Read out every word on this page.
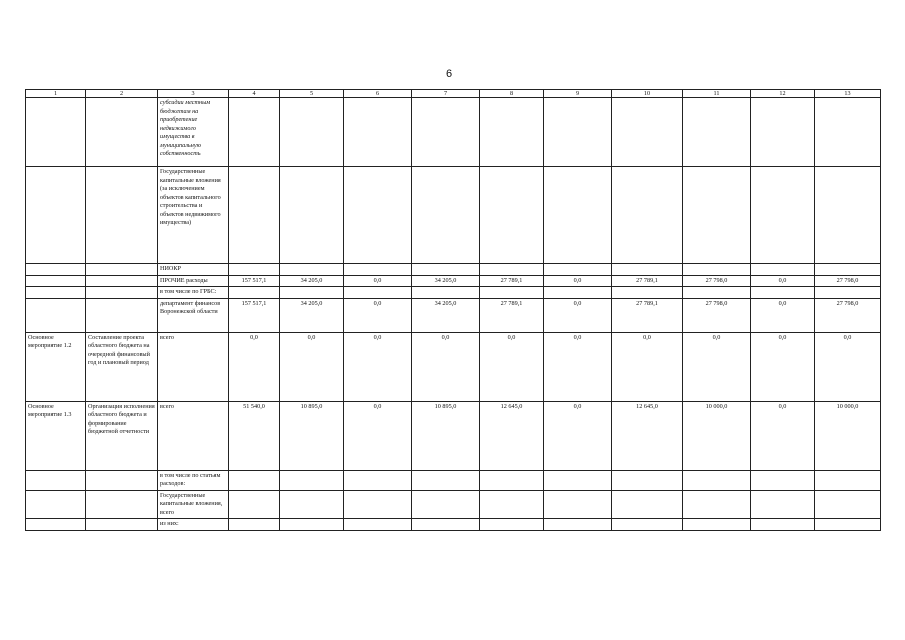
6
1	2	3	4	5	6	7	8	9	10	11	12	13
		субсидии местным бюджетам на приобретение недвижимого имущества в муниципальную собственность										
		Государственные капитальные вложения (за исключением объектов капитального строительства и объектов недвижимого имущества)										
		НИОКР										
		ПРОЧИЕ расходы	157 517,1	34 205,0	0,0	34 205,0	27 789,1	0,0	27 789,1	27 798,0	0,0	27 798,0
		в том числе по ГРБС:										
		департамент финансов Воронежской области	157 517,1	34 205,0	0,0	34 205,0	27 789,1	0,0	27 789,1	27 798,0	0,0	27 798,0
Основное мероприятие 1.2	Составление проекта областного бюджета на очередной финансовый год и плановый период	всего	0,0	0,0	0,0	0,0	0,0	0,0	0,0	0,0	0,0	0,0
Основное мероприятие 1.3	Организация исполнения областного бюджета и формирование бюджетной отчетности	всего	51 540,0	10 895,0	0,0	10 895,0	12 645,0	0,0	12 645,0	10 000,0	0,0	10 000,0
		в том числе по статьям расходов:										
		Государственные капитальные вложения, всего										
		из них:										
